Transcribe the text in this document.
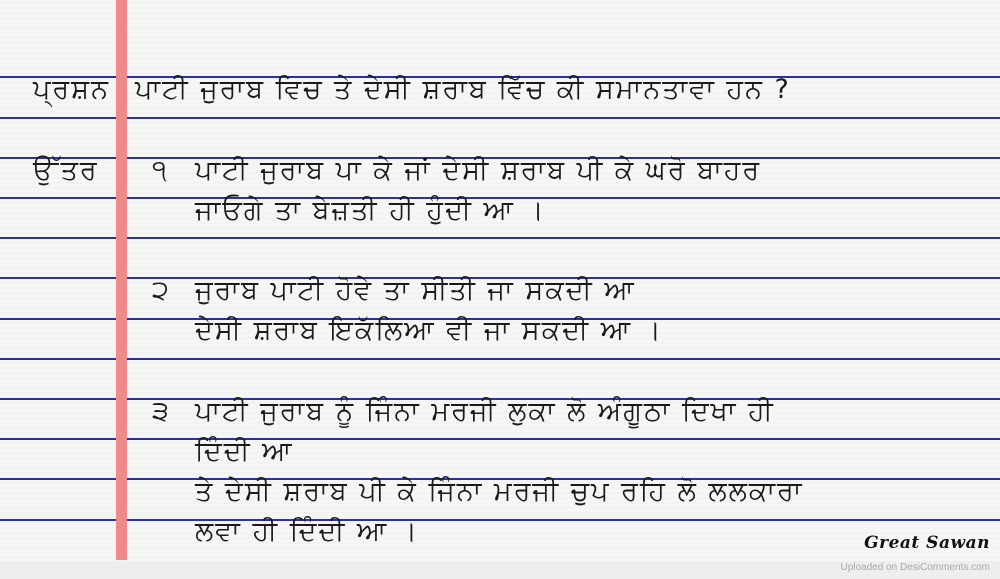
ਪ੍ਰਸ਼ਨ ਪਾਟੀ ਜੁਰਾਬ ਵਿਚ ਤੇ ਦੇਸੀ ਸ਼ਰਾਬ ਵਿੱਚ ਕੀ ਸਮਾਨਤਾਵਾ ਹਨ ?
ਉੱਤਰ ੧ ਪਾਟੀ ਜੁਰਾਬ ਪਾ ਕੇ ਜਾਂ ਦੇਸੀ ਸ਼ਰਾਬ ਪੀ ਕੇ ਘਰੋ ਬਾਹਰ
ਜਾਓਗੇ ਤਾ ਬੇਜ਼ਤੀ ਹੀ ਹੁੰਦੀ ਆ ।
੨ ਜੁਰਾਬ ਪਾਟੀ ਹੋਵੇ ਤਾ ਸੀਤੀ ਜਾ ਸਕਦੀ ਆ
ਦੇਸੀ ਸ਼ਰਾਬ ਇਕੱਲਿਆ ਵੀ ਜਾ ਸਕਦੀ ਆ ।
੩ ਪਾਟੀ ਜੁਰਾਬ ਨੂੰ ਜਿੰਨਾ ਮਰਜੀ ਲੁਕਾ ਲੋ ਅੰਗੂਠਾ ਦਿਖਾ ਹੀ
ਦਿੰਦੀ ਆ
ਤੇ ਦੇਸੀ ਸ਼ਰਾਬ ਪੀ ਕੇ ਜਿੰਨਾ ਮਰਜੀ ਚੁਪ ਰਹਿ ਲੋ ਲਲਕਾਰਾ
ਲਵਾ ਹੀ ਦਿੰਦੀ ਆ ।	Great Sawan
Uploaded on DesiComments.com
